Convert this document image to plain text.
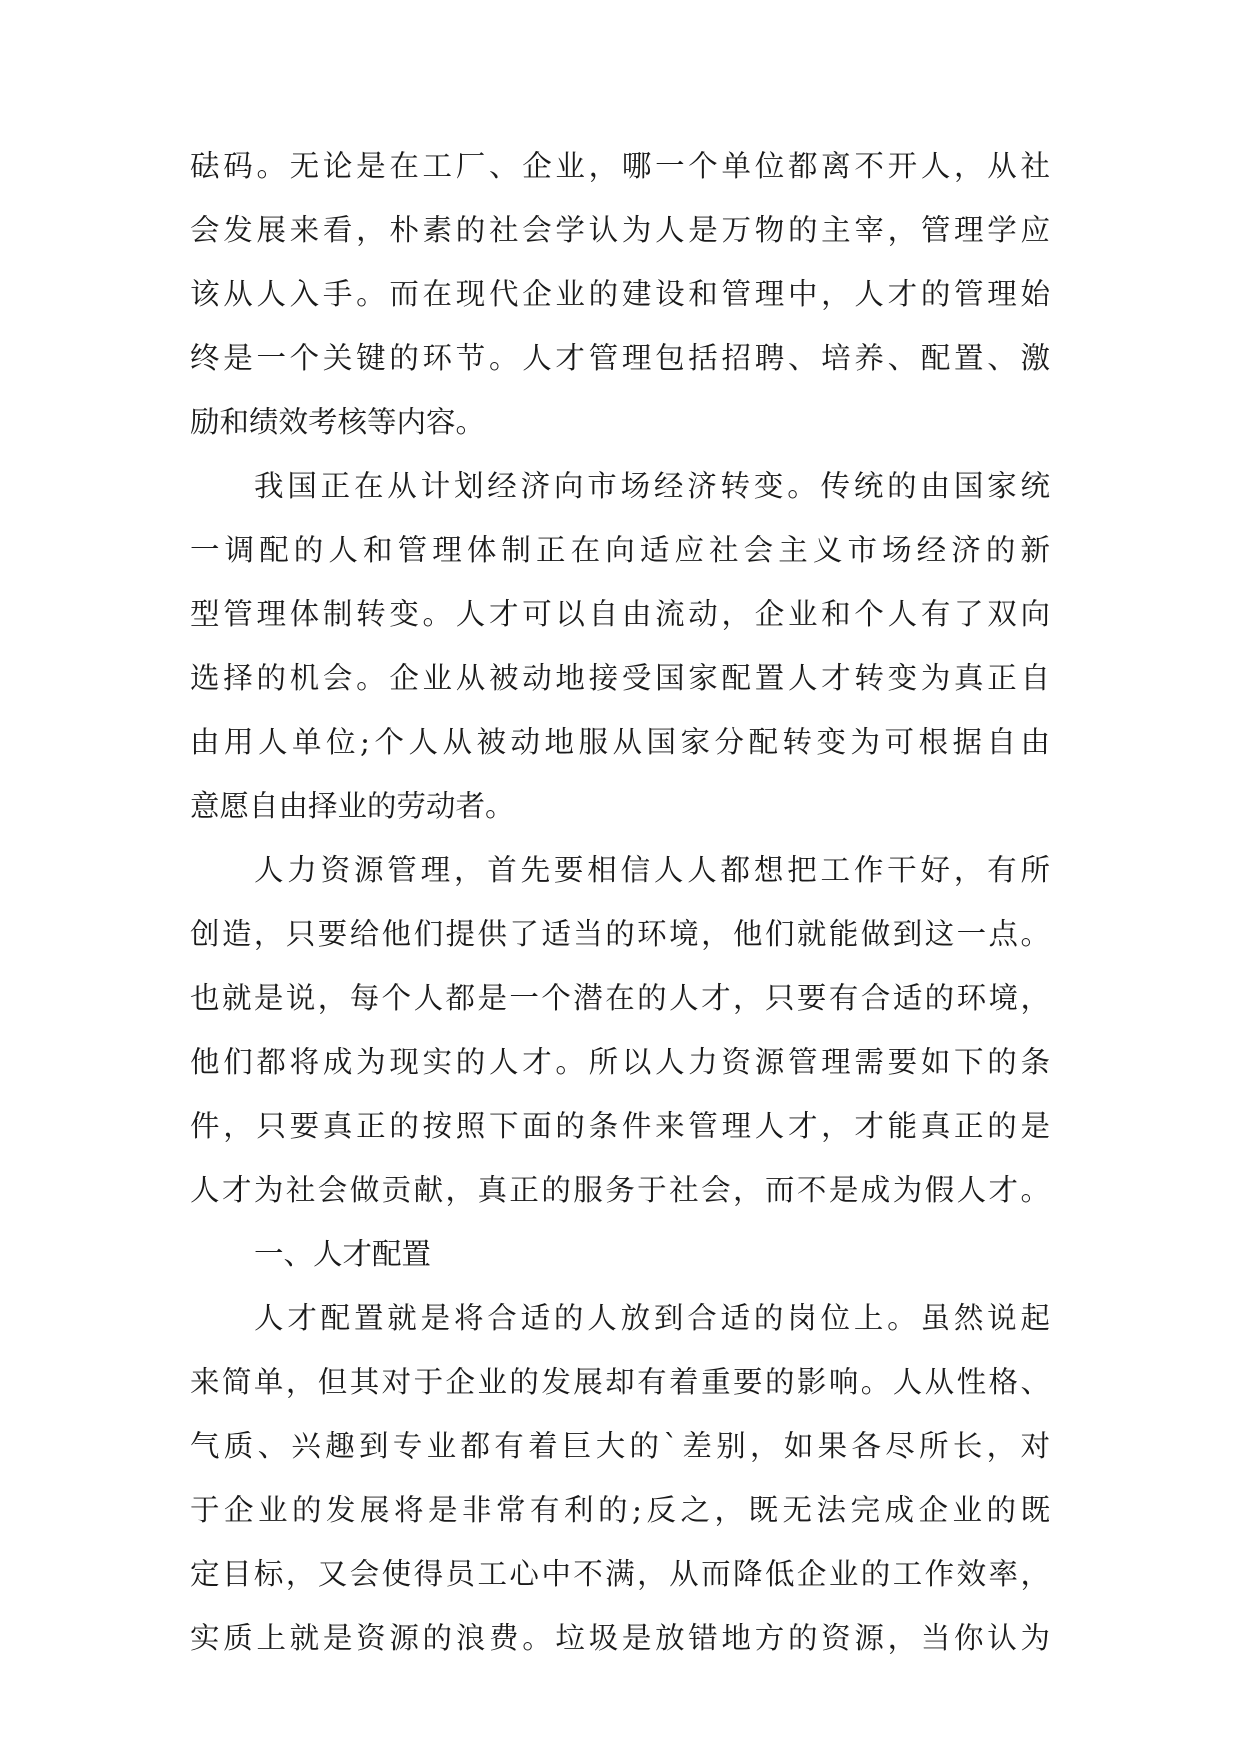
砝码。无论是在工厂、企业，哪一个单位都离不开人，从社
会发展来看，朴素的社会学认为人是万物的主宰，管理学应
该从人入手。而在现代企业的建设和管理中，人才的管理始
终是一个关键的环节。人才管理包括招聘、培养、配置、激
励和绩效考核等内容。
我国正在从计划经济向市场经济转变。传统的由国家统
一调配的人和管理体制正在向适应社会主义市场经济的新
型管理体制转变。人才可以自由流动，企业和个人有了双向
选择的机会。企业从被动地接受国家配置人才转变为真正自
由用人单位;个人从被动地服从国家分配转变为可根据自由
意愿自由择业的劳动者。
人力资源管理，首先要相信人人都想把工作干好，有所
创造，只要给他们提供了适当的环境，他们就能做到这一点。
也就是说，每个人都是一个潜在的人才，只要有合适的环境，
他们都将成为现实的人才。所以人力资源管理需要如下的条
件，只要真正的按照下面的条件来管理人才，才能真正的是
人才为社会做贡献，真正的服务于社会，而不是成为假人才。
一、人才配置
人才配置就是将合适的人放到合适的岗位上。虽然说起
来简单，但其对于企业的发展却有着重要的影响。人从性格、
气质、兴趣到专业都有着巨大的`差别，如果各尽所长，对
于企业的发展将是非常有利的;反之，既无法完成企业的既
定目标，又会使得员工心中不满，从而降低企业的工作效率，
实质上就是资源的浪费。垃圾是放错地方的资源，当你认为
